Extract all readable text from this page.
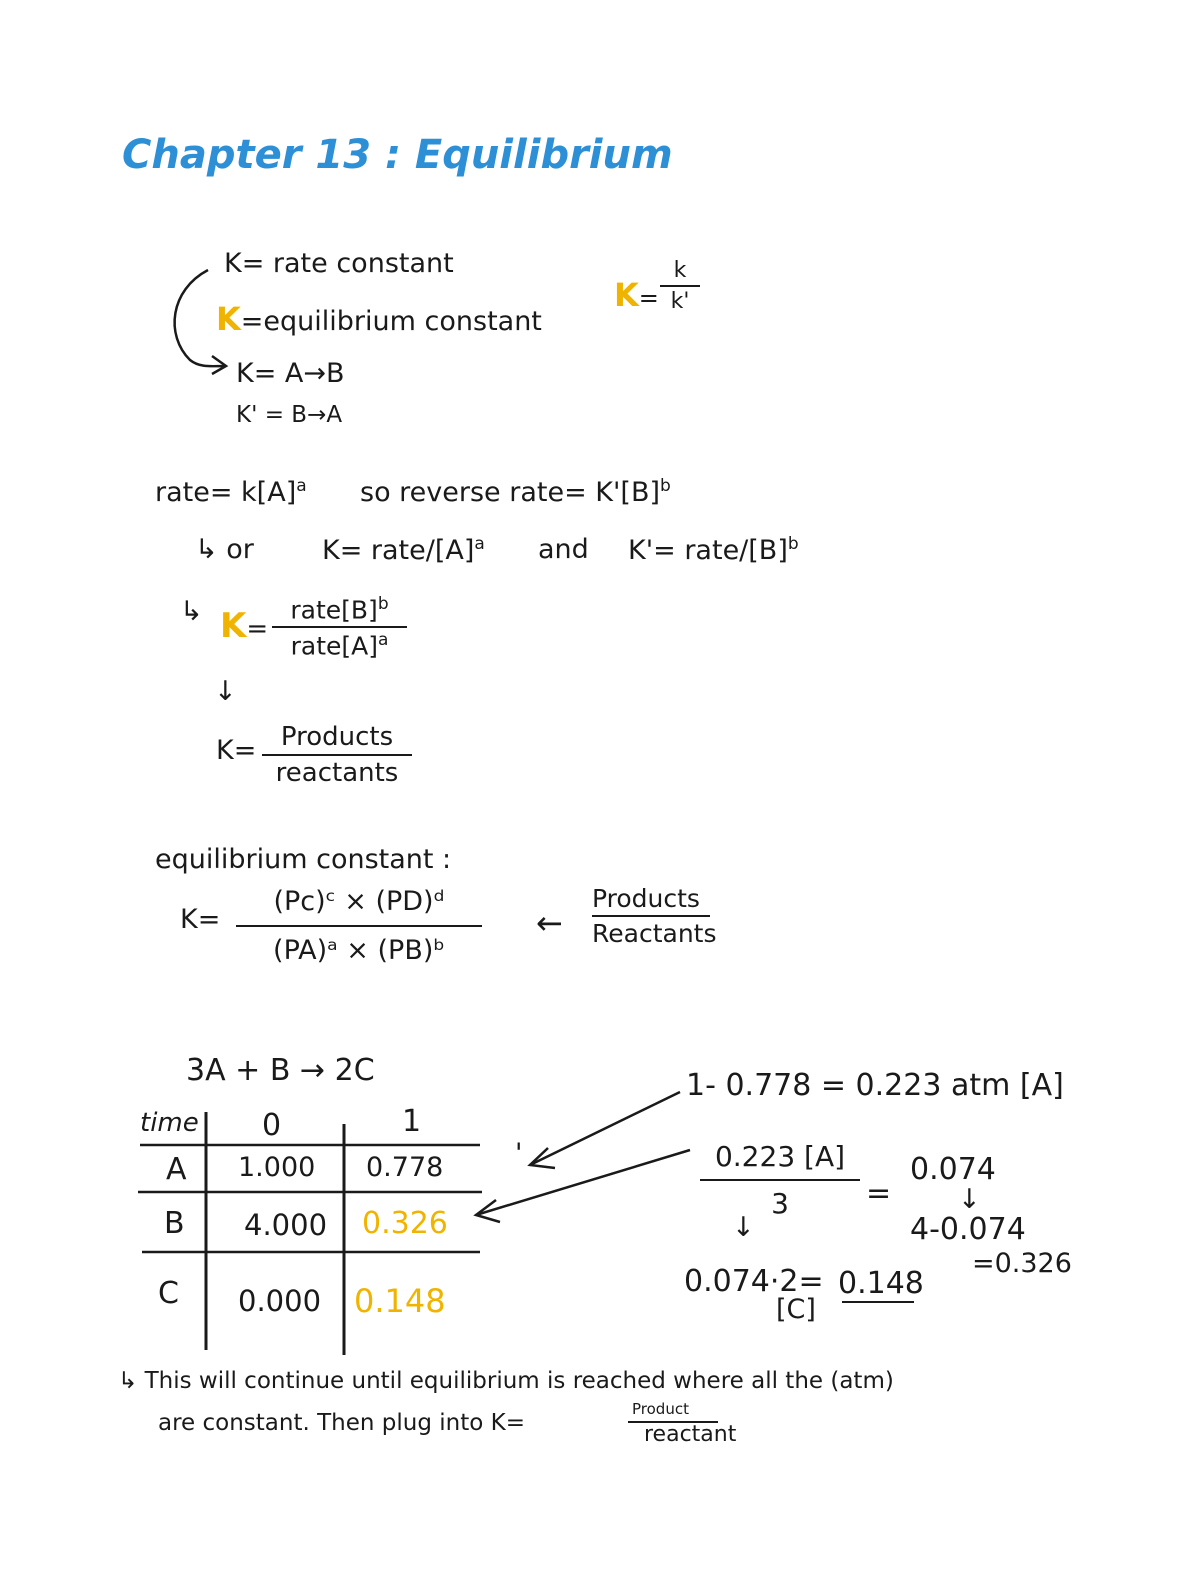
Chapter 13 : Equilibrium
K= rate constant
K=equilibrium constant
K= A→B
K' = B→A
K=
k
k'
rate= $k[A]^a$ so reverse rate= $K'[B]^b$
↳ or	K= rate/$[A]^a$ and K'= rate/$[B]^b$
↳ K=
$rate[B]^b$
$rate[A]^a$
↓
K= Products
reactants
equilibrium constant :
K=
(Pc)ᶜ × (PD)ᵈ
(PA)ᵃ × (PB)ᵇ
←
Products
Reactants
3A + B → 2C
time 0	1
A 1.000 0.778
B 4.000 0.326
C 0.000 0.148
'
1- 0.778 = 0.223 atm [A]
0.223 [A]
3	=
0.074
↓
↓
4-0.074
=0.326
0.074·2= 0.148
[C]
↳ This will continue until equilibrium is reached where all the (atm)
are constant. Then plug into K=
Product
reactant
